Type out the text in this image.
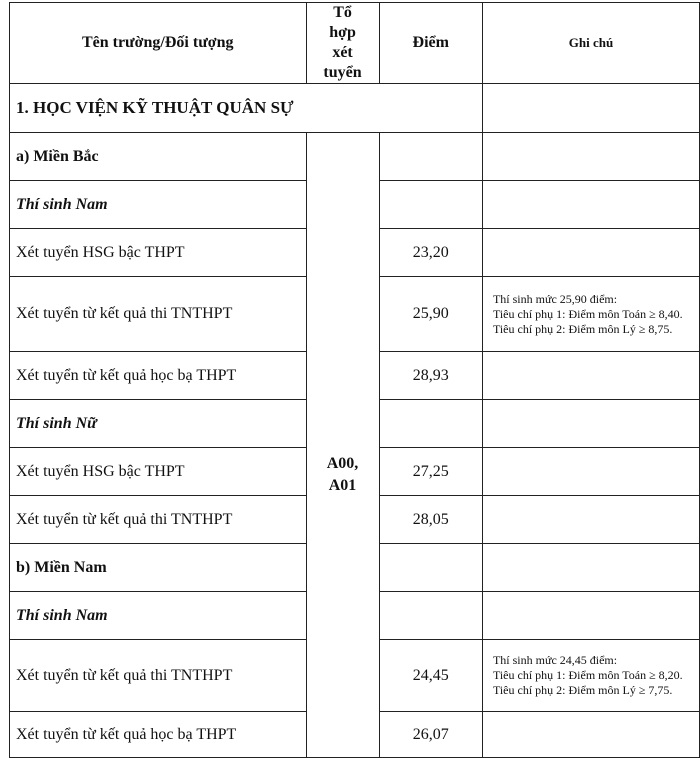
Tên trường/Đối tượng	Tổ hợp xét tuyển	Điểm	Ghi chú
1. HỌC VIỆN KỸ THUẬT QUÂN SỰ			
a) Miền Bắc	A00, A01		
Thí sinh Nam			
Xét tuyển HSG bậc THPT		23,20	
Xét tuyển từ kết quả thi TNTHPT		25,90	Thí sinh mức 25,90 điểm:
Tiêu chí phụ 1: Điểm môn Toán ≥ 8,40.
Tiêu chí phụ 2: Điểm môn Lý ≥ 8,75.

Xét tuyển từ kết quả học bạ THPT		28,93	
Thí sinh Nữ			
Xét tuyển HSG bậc THPT		27,25	
Xét tuyển từ kết quả thi TNTHPT		28,05	
b) Miền Nam			
Thí sinh Nam			
Xét tuyển từ kết quả thi TNTHPT		24,45	Thí sinh mức 24,45 điểm:
Tiêu chí phụ 1: Điểm môn Toán ≥ 8,20.
Tiêu chí phụ 2: Điểm môn Lý ≥ 7,75.

Xét tuyển từ kết quả học bạ THPT		26,07	
